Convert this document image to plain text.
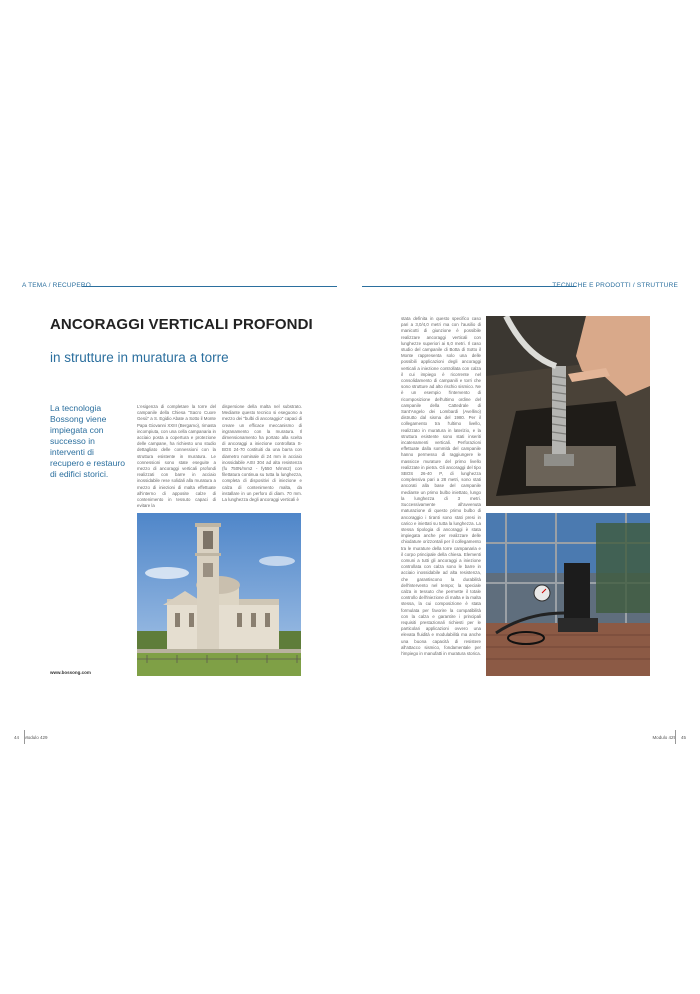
A TEMA / RECUPERO	TECNICHE E PRODOTTI / STRUTTURE
ANCORAGGI VERTICALI PROFONDI
in strutture in muratura a torre
La tecnologia Bossong viene impiegata con successo in interventi di recupero e restauro di edifici storici.
L'esigenza di completare la torre del campanile della Chiesa "Sacro Cuore Gesù" a S. Egidio Abate a Sotto il Monte Papa Giovanni XXIII (Bergamo), rimasta incompiuta, con una cella campanaria in acciaio posta a copertura e protezione delle campane, ha richiesto uno studio dettagliato delle connessioni con la struttura esistente in muratura. Le connessioni sono state eseguite a mezzo di ancoraggi verticali profondi realizzati con barre in acciaio inossidabile rese solidali alla muratura a mezzo di iniezioni di malta effettuate all'interno di apposite calze di contenimento in tessuto capaci di evitare la
dispersione della malta nel substrato. Mediante questo tecnico si eseguono a mezzo dei "bulbi di ancoraggio" capaci di creare un efficace meccanismo di ingranamento con la muratura. Il dimensionamento ha portato alla scelta di ancoraggi a iniezione controllata S-BOS 24-70 costituiti da una barra con diametro nominale di 24 mm in acciaio inossidabile AISI 304 ad alta resistenza (fu 750N/mm2 - fy550 N/mm2) con filettatura continua su tutta la lunghezza, completa di dispositivi di iniezione e calza di contenimento malta, da installare in un perforo di diam. 70 mm. La lunghezza degli ancoraggi verticali è
stata definita in questo specifico caso pari a 3,0/4,0 metri ma con l'ausilio di manicotti di giunzione è possibile realizzare ancoraggi verticali con lunghezze superiori ai 6,0 metri. Il caso studio del campanile di Botta di Sotto il Monte rappresenta solo una delle possibili applicazioni degli ancoraggi verticali a iniezione controllata con calza il cui impiego è ricorrente nel consolidamento di campanili e torri che sono strutture ad alto rischio sismico. Ne è un esempio l'intervento di ricomposizione dell'ultimo ordine del campanile della Cattedrale di Sant'Angelo dei Lombardi (Avellino) distrutto dal sisma del 1980. Per il collegamento tra l'ultimo livello, realizzato in muratura in laterizio, e la struttura esistente sono stati inseriti incatenamenti verticali. Perforazioni effettuate dalla sommità del campanile hanno permesso di raggiungere le massicce murature del primo livello realizzate in pietra. Gli ancoraggi del tipo SBOS 26-40 P, di lunghezza complessiva pari a 28 metri, sono stati ancorati alla base del campanile mediante un primo bulbo iniettato, lungo la lunghezza di 3 metri. Successivamente all'avvenuta maturazione di questo primo bulbo di ancoraggio i tiranti sono stati presi in carico e iniettati su tutta la lunghezza. La stessa tipologia di ancoraggi è stata impiegata anche per realizzare delle chiodature orizzontali per il collegamento tra le murature della torre campanaria e il corpo principale della chiesa. Elementi comuni a tutti gli ancoraggi a iniezione controllata con calza sono le barre in acciaio inossidabile ad alta resistenza, che garantiscono la durabilità dell'intervento nel tempo; la speciale calza in tessuto che permette il totale controllo dell'iniezione di malta e la malta stessa, la cui composizione è stata formulata per favorire la compatibilità con la calza e garantire i principali requisiti prestazionali richiesti per le particolari applicazioni ovvero una elevata fluidità e modulabilità ma anche una buona capacità di resistere all'attacco sismico, fondamentale per l'impiego in manufatti in muratura storica.
www.bossong.com
44 Modulo 429	Modulo 429 45
